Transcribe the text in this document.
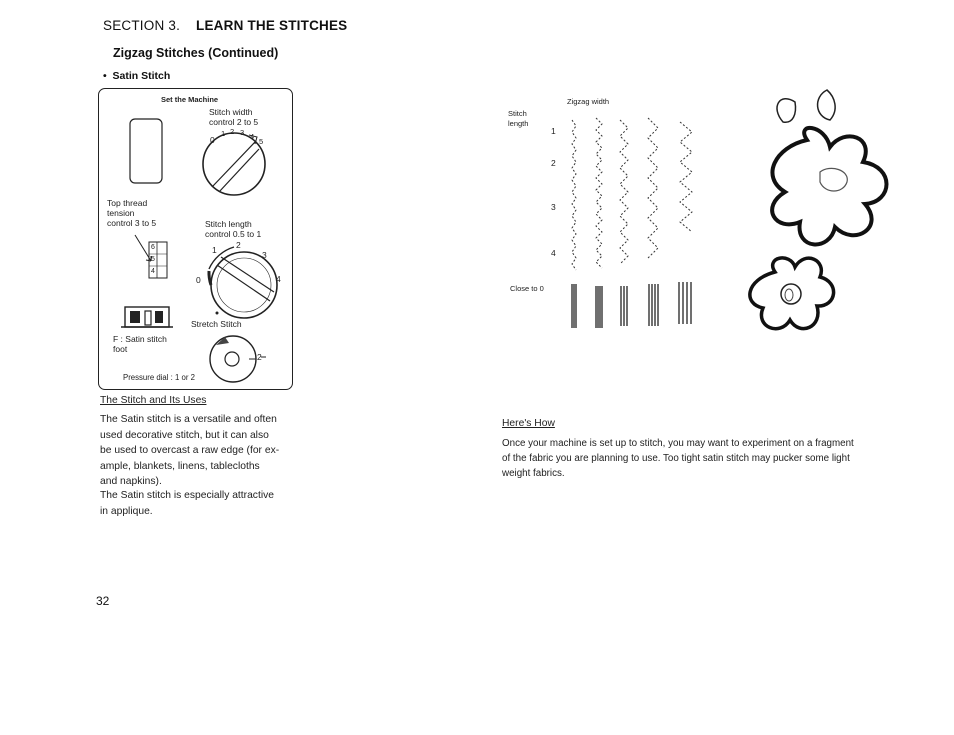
SECTION 3. LEARN THE STITCHES
Zigzag Stitches (Continued)
•  Satin Stitch
Set the Machine
Stitch width
control 2 to 5
0
1 2 3 4
5
Top thread
tension
control 3 to 5
6
5
4
Stitch length
control 0.5 to 1
0
1 2
3
4
Stretch Stitch
F : Satin stitch
foot
2
Pressure dial : 1 or 2
The Stitch and Its Uses
The Satin stitch is a versatile and often
used decorative stitch, but it can also
be used to overcast a raw edge (for ex-
ample, blankets, linens, tablecloths
and napkins).
The Satin stitch is especially attractive
in applique.
32
Zigzag width
Stitch
length
1
2
3
4
Close to 0
Here's How
Once your machine is set up to stitch, you may want to experiment on a fragment
of the fabric you are planning to use. Too tight satin stitch may pucker some light
weight fabrics.
